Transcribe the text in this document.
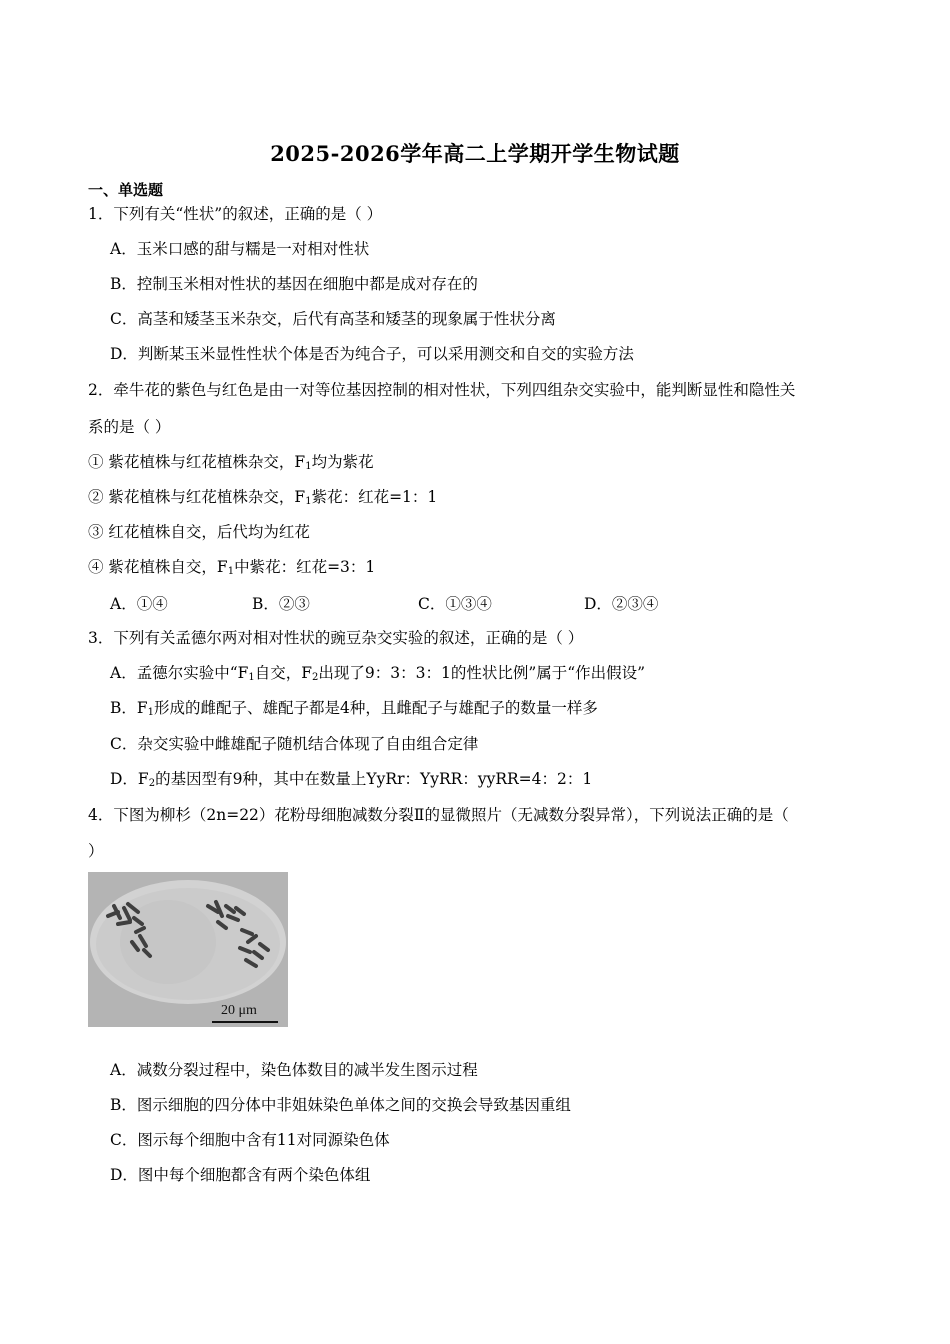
2025-2026学年高二上学期开学生物试题
一、单选题
1．下列有关“性状”的叙述，正确的是（ ）
A．玉米口感的甜与糯是一对相对性状
B．控制玉米相对性状的基因在细胞中都是成对存在的
C．高茎和矮茎玉米杂交，后代有高茎和矮茎的现象属于性状分离
D．判断某玉米显性性状个体是否为纯合子，可以采用测交和自交的实验方法
2．牵牛花的紫色与红色是由一对等位基因控制的相对性状，下列四组杂交实验中，能判断显性和隐性关
系的是（ ）
① 紫花植株与红花植株杂交，$F_1$均为紫花
② 紫花植株与红花植株杂交，$F_1$紫花：红花=1：1
③ 红花植株自交，后代均为红花
④ 紫花植株自交，$F_1$中紫花：红花=3：1
A．①④	B．②③	C．①③④	D．②③④
3．下列有关孟德尔两对相对性状的豌豆杂交实验的叙述，正确的是（ ）
A．孟德尔实验中“$F_1$自交，$F_2$出现了9：3：3：1的性状比例”属于“作出假设”
B．$F_1$形成的雌配子、雄配子都是4种，且雌配子与雄配子的数量一样多
C．杂交实验中雌雄配子随机结合体现了自由组合定律
D．$F_2$的基因型有9种，其中在数量上YyRr：YyRR：yyRR=4：2：1
4．下图为柳杉（2n=22）花粉母细胞减数分裂Ⅱ的显微照片（无减数分裂异常），下列说法正确的是（
）
20 μm
A．减数分裂过程中，染色体数目的减半发生图示过程
B．图示细胞的四分体中非姐妹染色单体之间的交换会导致基因重组
C．图示每个细胞中含有11对同源染色体
D．图中每个细胞都含有两个染色体组
